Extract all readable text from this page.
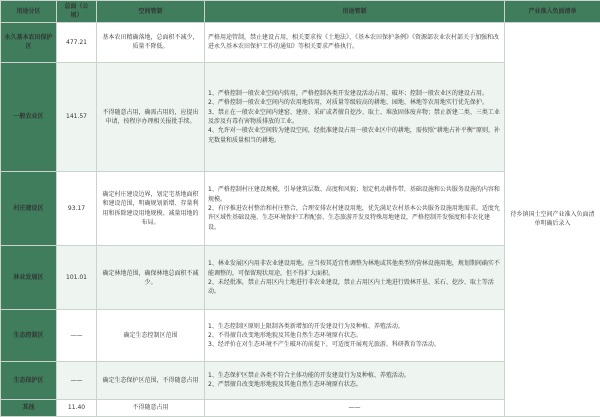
用途分区	总面（公顷）	空间管制	用途管制	产业准入负面清单
永久基本农田保护区	477.21	基本农田精确落地，总面积不减少，质量不降低。	严格用途管制，禁止建设占用，相关要求按《土地法》、《基本农田保护条例》《资源部农业农村部关于加强和改进永久基本农田保护工作的通知》等相关要求严格执行。	待乡镇国土空间产业准入负面清单明确后录入
一般农业区	141.57	不得随意占用，确需占用的，应提出申请，按程序办理相关报批手续。	1、严格控制一般农业空间内转用，严格控制各类开发建设活动占用、破坏；控制一般农业区的建设占用。
2、严格控制一般农业空间内的农用地转用，对质量等级较高的耕地、园地、林地等农用地实行优先保护。
3、禁止在一般农业空间内建窑、建房、采矿或者擅自挖沙、取土、堆放固体废弃物；禁止新建二类、三类工业及涉及有毒有害物质排放的工业。
4、允许对一般农业空间转为建设空间，经批准建设占用一般农业区中的耕地，需按照“耕地占补平衡”原则，补充数量和质量相当的耕地。	

村庄建设区	93.17	确定村庄建设边界，划定宅基地面积和建设范围，明确规划新增、存量利用和拆除建设用地规模、减量用地的布局。	1、严格控制村庄建设规模，引导建筑层数、高度和风貌；划定机动耕作带，基础设施和公共服务设施的内容和规模。
2、有序推进农村整治和村庄整合，合理安排农村建设用地，优先满足农村基本公共服务设施用地需求。适度允许区域性基础设施、生态环境保护工程配套、生态旅游开发及特殊用地建设，严格控制开发强度和非农化建设。	

林业发展区	101.01	确定林地范围，确保林地总面积不减少。	1、林业发展区内用非农业建设用地。应当按其适宜性调整为林地或其他类型的营林设施用地，规划期间确实不能调整的，可保留现状用途，但不得扩大面积。
2、未经批准，禁止占用区内土地进行非农业建设，禁止占用区内土地进行毁林开垦、采石、挖沙、取土等活动。	

生态控制区	——	确定生态控制区范围	1、生态控制区原则上限制各类新增加的开发建设行为及种植、养殖活动。
2、不得擅自改变地形地貌及其他自然生态环境原有状态。
3、经评价在对生态环境不产生破坏的前提下，可适度开展观光旅游、科研教育等活动。	

生态保护区	——	确定生态保护区范围，不得随意占用	1、生态保护区禁止各类不符合主体功能的开发建设行为及种植、养殖活动。
2、严禁擅自改变地形地貌及其他自然生态环境原有状态。	

其他	11.40	不得随意占用	——	
